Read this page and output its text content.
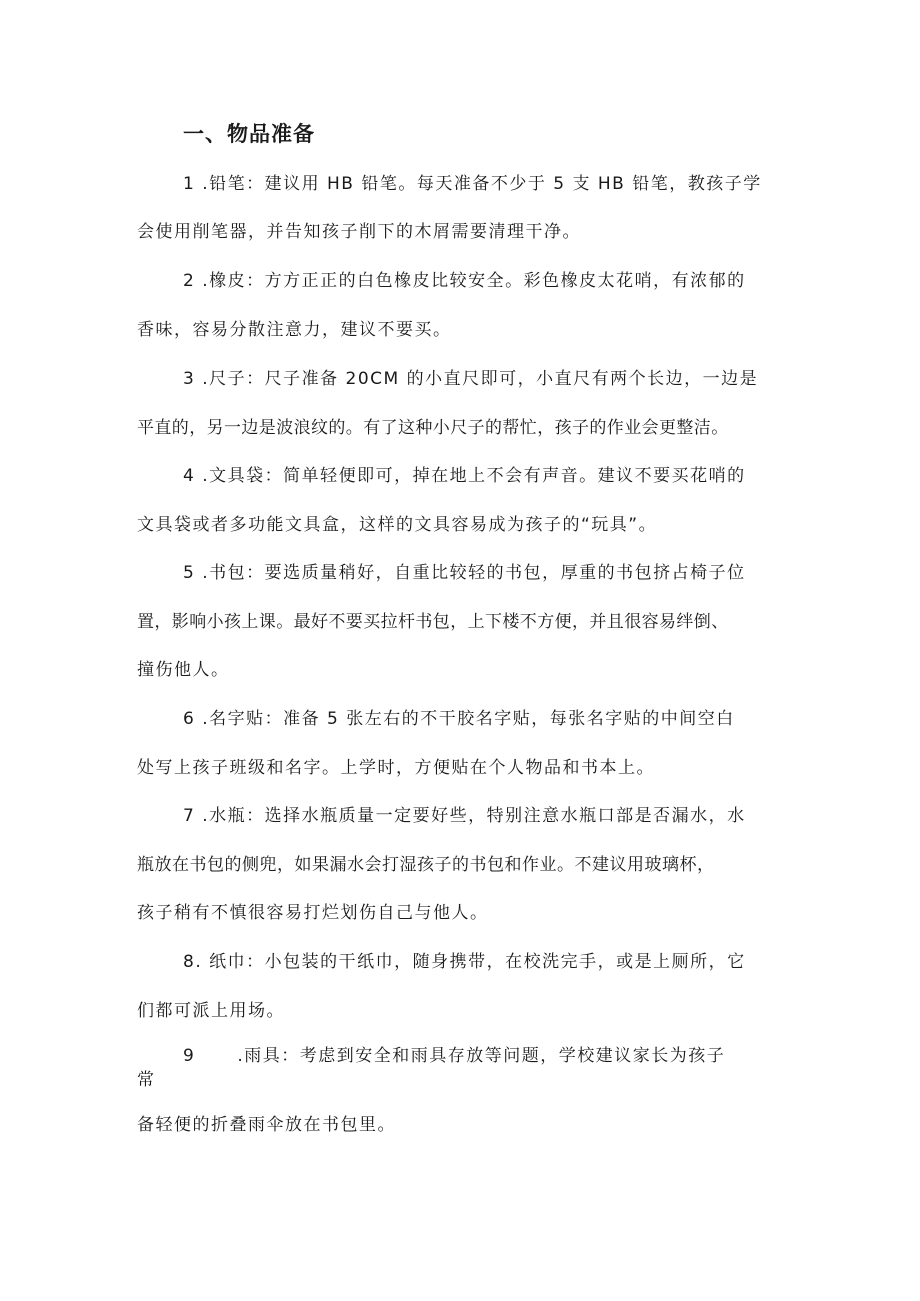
一、物品准备
1 .铅笔：建议用 HB 铅笔。每天准备不少于 5 支 HB 铅笔，教孩子学
会使用削笔器，并告知孩子削下的木屑需要清理干净。
2 .橡皮：方方正正的白色橡皮比较安全。彩色橡皮太花哨，有浓郁的
香味，容易分散注意力，建议不要买。
3 .尺子：尺子准备 20CM 的小直尺即可，小直尺有两个长边，一边是
平直的，另一边是波浪纹的。有了这种小尺子的帮忙，孩子的作业会更整洁。
4 .文具袋：简单轻便即可，掉在地上不会有声音。建议不要买花哨的
文具袋或者多功能文具盒，这样的文具容易成为孩子的“玩具”。
5 .书包：要选质量稍好，自重比较轻的书包，厚重的书包挤占椅子位
置，影响小孩上课。最好不要买拉杆书包，上下楼不方便，并且很容易绊倒、
撞伤他人。
6 .名字贴：准备 5 张左右的不干胶名字贴，每张名字贴的中间空白
处写上孩子班级和名字。上学时，方便贴在个人物品和书本上。
7 .水瓶：选择水瓶质量一定要好些，特别注意水瓶口部是否漏水，水
瓶放在书包的侧兜，如果漏水会打湿孩子的书包和作业。不建议用玻璃杯，
孩子稍有不慎很容易打烂划伤自己与他人。
8. 纸巾：小包装的干纸巾，随身携带，在校洗完手，或是上厕所，它
们都可派上用场。
9 .雨具：考虑到安全和雨具存放等问题，学校建议家长为孩子
常
备轻便的折叠雨伞放在书包里。
